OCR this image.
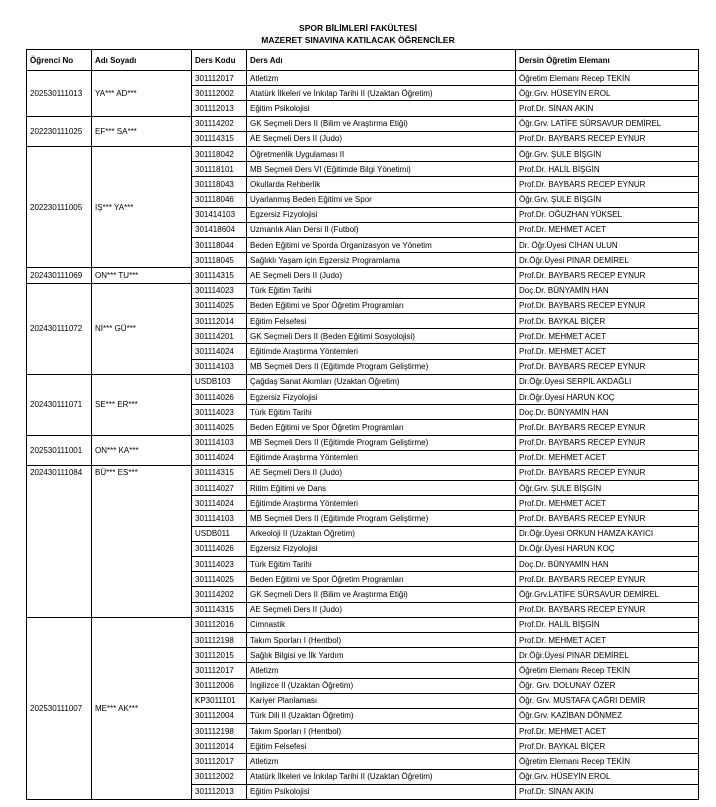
SPOR BİLİMLERİ FAKÜLTESİ
MAZERET SINAVINA KATILACAK ÖĞRENCİLER
Öğrenci No	Adı Soyadı	Ders Kodu	Ders Adı	Dersin Öğretim Elemanı
202530111013	YA*** AD***	301112017	Atletizm	Öğretim Elemanı Recep TEKİN
		301112002	Atatürk İlkeleri ve İnkılap Tarihi II (Uzaktan Öğretim)	Öğr.Grv. HÜSEYİN EROL
		301112013	Eğitim Psikolojisi	Prof.Dr. SİNAN AKIN
202230111025	EF*** SA***	301114202	GK Seçmeli Ders II (Bilim ve Araştırma Etiği)	Öğr.Grv. LATİFE SÜRSAVUR DEMİREL
		301114315	AE Seçmeli Ders II (Judo)	Prof.Dr. BAYBARS RECEP EYNUR
202230111005	IŞ*** YA***	301118042	Öğretmenlik Uygulaması II	Öğr.Grv. ŞULE BİŞGİN
		301118101	MB Seçmeli Ders VI (Eğitimde Bilgi Yönetimi)	Prof.Dr. HALİL BİŞGİN
		301118043	Okullarda Rehberlik	Prof.Dr. BAYBARS RECEP EYNUR
		301118046	Uyarlanmış Beden Eğitimi ve Spor	Öğr.Grv. ŞULE BİŞGİN
		301414103	Egzersiz Fizyolojisi	Prof.Dr. OĞUZHAN YÜKSEL
		301418604	Uzmanlık Alan Dersi II (Futbol)	Prof.Dr. MEHMET ACET
		301118044	Beden Eğitimi ve Sporda Organizasyon ve Yönetim	Dr. Öğr.Üyesi CİHAN ULUN
		301118045	Sağlıklı Yaşam için Egzersiz Programlama	Dr.Öğr.Üyesi PINAR DEMİREL
202430111069	ON*** TU***	301114315	AE Seçmeli Ders II (Judo)	Prof.Dr. BAYBARS RECEP EYNUR
202430111072	Nİ*** GÜ***	301114023	Türk Eğitim Tarihi	Doç.Dr. BÜNYAMİN HAN
		301114025	Beden Eğitimi ve Spor Öğretim Programları	Prof.Dr. BAYBARS RECEP EYNUR
		301112014	Eğitim Felsefesi	Prof.Dr. BAYKAL BİÇER
		301114201	GK Seçmeli Ders II (Beden Eğitimi Sosyolojisi)	Prof.Dr. MEHMET ACET
		301114024	Eğitimde Araştırma Yöntemleri	Prof.Dr. MEHMET ACET
		301114103	MB Seçmeli Ders II (Eğitimde Program Geliştirme)	Prof.Dr. BAYBARS RECEP EYNUR
202430111071	SE*** ER***	USDB103	Çağdaş Sanat Akımları (Uzaktan Öğretim)	Dr.Öğr.Üyesi SERPİL AKDAĞLI
		301114026	Egzersiz Fizyolojisi	Dr.Öğr.Üyesi HARUN KOÇ
		301114023	Türk Eğitim Tarihi	Doç.Dr. BÜNYAMİN HAN
		301114025	Beden Eğitimi ve Spor Öğretim Programları	Prof.Dr. BAYBARS RECEP EYNUR
202530111001	ON*** KA***	301114103	MB Seçmeli Ders II (Eğitimde Program Geliştirme)	Prof.Dr. BAYBARS RECEP EYNUR
		301114024	Eğitimde Araştırma Yöntemleri	Prof.Dr. MEHMET ACET
202430111084	BÜ*** ES***	301114315	AE Seçmeli Ders II (Judo)	Prof.Dr. BAYBARS RECEP EYNUR
		301114027	Ritim Eğitimi ve Dans	Öğr.Grv. ŞULE BİŞGİN
		301114024	Eğitimde Araştırma Yöntemleri	Prof.Dr. MEHMET ACET
		301114103	MB Seçmeli Ders II (Eğitimde Program Geliştirme)	Prof.Dr. BAYBARS RECEP EYNUR
		USDB011	Arkeoloji II (Uzaktan Öğretim)	Dr.Öğr.Üyesi ORKUN HAMZA KAYICI
		301114026	Egzersiz Fizyolojisi	Dr.Öğr.Üyesi HARUN KOÇ
		301114023	Türk Eğitim Tarihi	Doç.Dr. BÜNYAMİN HAN
		301114025	Beden Eğitimi ve Spor Öğretim Programları	Prof.Dr. BAYBARS RECEP EYNUR
		301114202	GK Seçmeli Ders II (Bilim ve Araştırma Etiği)	Öğr.Grv.LATİFE SÜRSAVUR DEMİREL
		301114315	AE Seçmeli Ders II (Judo)	Prof.Dr. BAYBARS RECEP EYNUR
202530111007	ME*** AK***	301112016	Cimnastik	Prof.Dr. HALİL BİŞGİN
		301112198	Takım Sporları I (Hentbol)	Prof.Dr. MEHMET ACET
		301112015	Sağlık Bilgisi ve İlk Yardım	Dr.Öğr.Üyesi PINAR DEMİREL
		301112017	Atletizm	Öğretim Elemanı Recep TEKİN
		301112006	İngilizce II (Uzaktan Öğretim)	Öğr. Grv. DOLUNAY ÖZER
		KP3011101	Kariyer Planlaması	Öğr. Grv. MUSTAFA ÇAĞRI DEMİR
		301112004	Türk Dili II (Uzaktan Öğretim)	Öğr.Grv. KAZİBAN DÖNMEZ
		301112198	Takım Sporları I (Hentbol)	Prof.Dr. MEHMET ACET
		301112014	Eğitim Felsefesi	Prof.Dr. BAYKAL BİÇER
		301112017	Atletizm	Öğretim Elemanı Recep TEKİN
		301112002	Atatürk İlkeleri ve İnkılap Tarihi II (Uzaktan Öğretim)	Öğr.Grv. HÜSEYİN EROL
		301112013	Eğitim Psikolojisi	Prof.Dr. SİNAN AKIN
